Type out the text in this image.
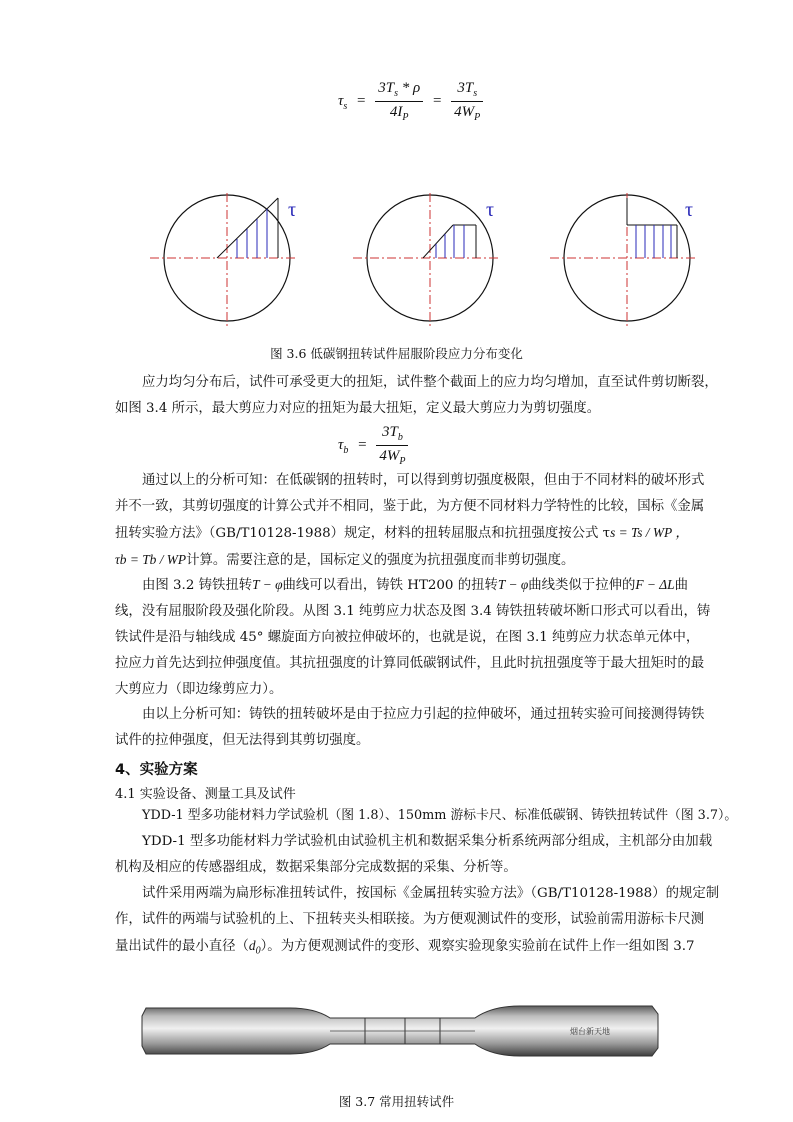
$\tau_s = \frac{3T_s * \rho}{4I_P} = \frac{3T_s}{4W_P}$
τ	τ	τ
图 3.6 低碳钢扭转试件屈服阶段应力分布变化

应力均匀分布后，试件可承受更大的扭矩，试件整个截面上的应力均匀增加，直至试件剪切断裂，

如图 3.4 所示，最大剪应力对应的扭矩为最大扭矩，定义最大剪应力为剪切强度。
$\tau_b = \frac{3T_b}{4W_P}$

通过以上的分析可知：在低碳钢的扭转时，可以得到剪切强度极限，但由于不同材料的破坏形式

并不一致，其剪切强度的计算公式并不相同，鉴于此，为方便不同材料力学特性的比较，国标《金属
扭转实验方法》（GB/T10128-1988）规定，材料的扭转屈服点和抗扭强度按公式 τs = Ts / WP ，
τb = Tb / WP计算。需要注意的是，国标定义的强度为抗扭强度而非剪切强度。

由图 3.2 铸铁扭转T − φ曲线可以看出，铸铁 HT200 的扭转T − φ曲线类似于拉伸的F − ΔL曲

线，没有屈服阶段及强化阶段。从图 3.1 纯剪应力状态及图 3.4 铸铁扭转破坏断口形式可以看出，铸
铁试件是沿与轴线成 45° 螺旋面方向被拉伸破坏的，也就是说，在图 3.1 纯剪应力状态单元体中，
拉应力首先达到拉伸强度值。其抗扭强度的计算同低碳钢试件，且此时抗扭强度等于最大扭矩时的最
大剪应力（即边缘剪应力）。

由以上分析可知：铸铁的扭转破坏是由于拉应力引起的拉伸破坏，通过扭转实验可间接测得铸铁

试件的拉伸强度，但无法得到其剪切强度。
4、实验方案
4.1 实验设备、测量工具及试件

YDD-1 型多功能材料力学试验机（图 1.8）、150mm 游标卡尺、标准低碳钢、铸铁扭转试件（图 3.7）。

YDD-1 型多功能材料力学试验机由试验机主机和数据采集分析系统两部分组成，主机部分由加载

机构及相应的传感器组成，数据采集部分完成数据的采集、分析等。

试件采用两端为扁形标准扭转试件，按国标《金属扭转实验方法》（GB/T10128-1988）的规定制

作，试件的两端与试验机的上、下扭转夹头相联接。为方便观测试件的变形，试验前需用游标卡尺测
量出试件的最小直径$(d_0)$。为方便观测试件的变形、观察实验现象实验前在试件上作一组如图 3.7
烟台新天地
图 3.7 常用扭转试件
